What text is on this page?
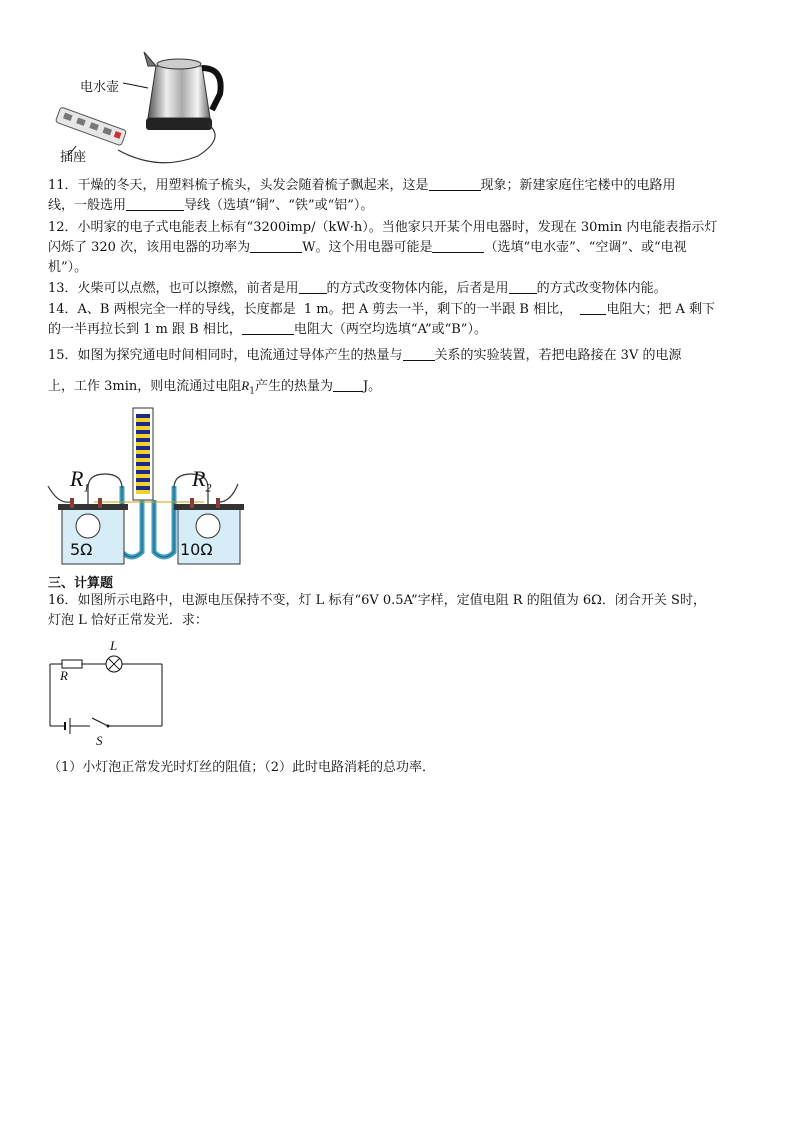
电水壶
插座
11．干燥的冬天，用塑料梳子梳头，头发会随着梳子飘起来，这是	现象；新建家庭住宅楼中的电路用
线，一般选用	导线（选填“铜”、“铁”或“铝”）。
12．小明家的电子式电能表上标有“3200imp/（kW·h）。当他家只开某个用电器时，发现在 30min 内电能表指示灯
闪烁了 320 次，该用电器的功率为	W。这个用电器可能是	（选填“电水壶”、“空调”、或“电视
机”）。
13．火柴可以点燃，也可以擦燃，前者是用 的方式改变物体内能，后者是用 的方式改变物体内能。
14．A、B 两根完全一样的导线，长度都是  1 m。把 A 剪去一半，剩下的一半跟 B 相比，	电阻大；把 A 剩下
的一半再拉长到 1 m 跟 B 相比，	电阻大（两空均选填“A”或“B”）。
15．如图为探究通电时间相同时，电流通过导体产生的热量与 关系的实验装置，若把电路接在 3V 的电源
上，工作 3min，则电流通过电阻$R_1$产生的热量为 J。
$R_1$	$R_2$
5Ω	10Ω
三、计算题
16．如图所示电路中，电源电压保持不变，灯 L 标有“6V 0.5A”字样，定值电阻 R 的阻值为 6Ω．闭合开关 S时，
灯泡 L 恰好正常发光．求：
L
R
S
（1）小灯泡正常发光时灯丝的阻值；（2）此时电路消耗的总功率．
